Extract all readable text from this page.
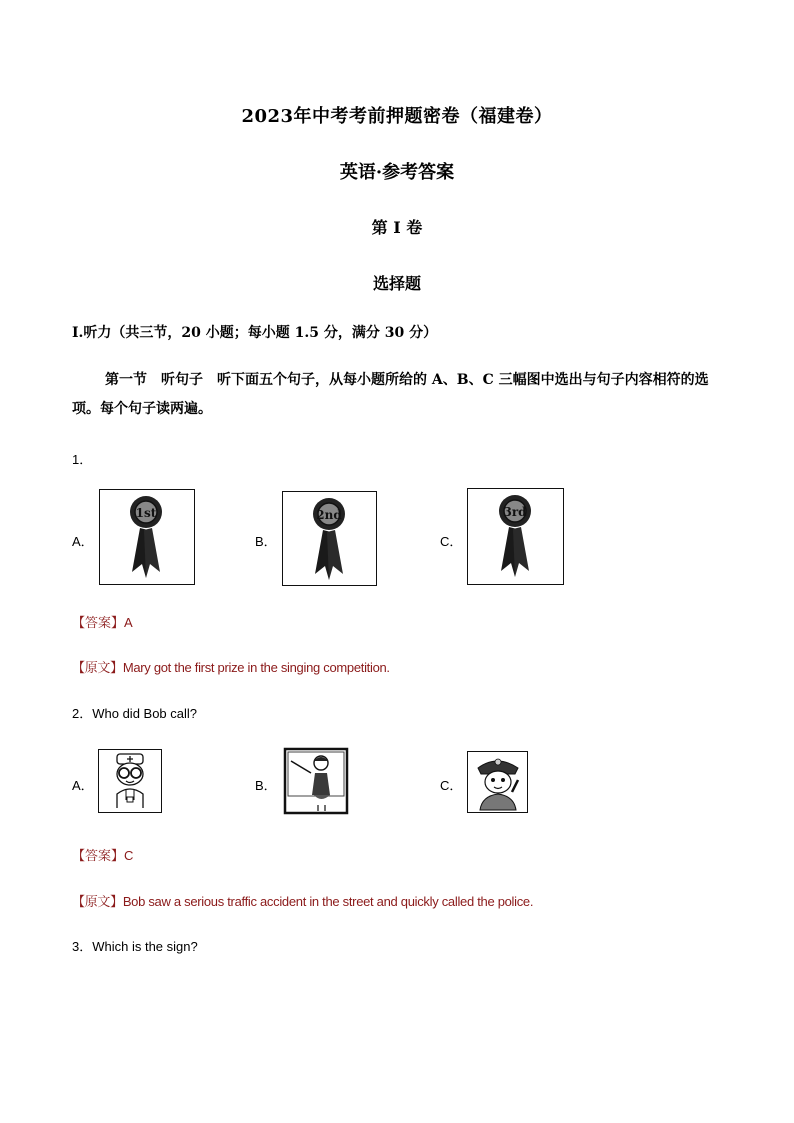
2023年中考考前押题密卷（福建卷）
英语·参考答案
第 I 卷
选择题
Ⅰ.听力（共三节，20 小题；每小题 1.5 分，满分 30 分）
第一节　听句子　听下面五个句子，从每小题所给的 A、B、C 三幅图中选出与句子内容相符的选项。每个句子读两遍。
1．
A．
1st
B．
2nd
C．
3rd
【答案】A
【原文】Mary got the first prize in the singing competition.
2．Who did Bob call?
A．	B．	C．
【答案】C
【原文】Bob saw a serious traffic accident in the street and quickly called the police.
3．Which is the sign?
